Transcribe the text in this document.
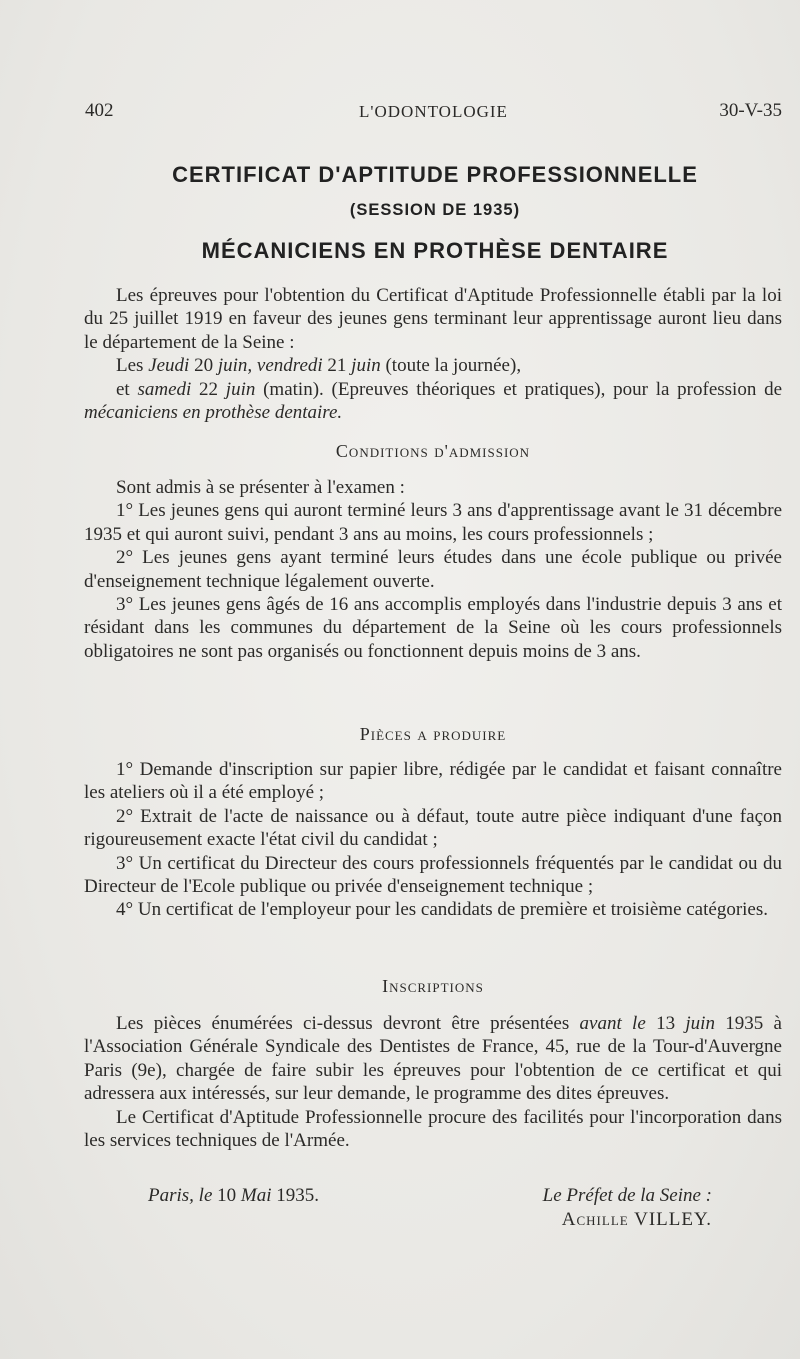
402	L'ODONTOLOGIE	30-V-35
CERTIFICAT D'APTITUDE PROFESSIONNELLE
(SESSION DE 1935)
MÉCANICIENS EN PROTHÈSE DENTAIRE

Les épreuves pour l'obtention du Certificat d'Aptitude Professionnelle établi par la loi du 25 juillet 1919 en faveur des jeunes gens terminant leur apprentissage auront lieu dans le département de la Seine :

Les Jeudi 20 juin, vendredi 21 juin (toute la journée),

et samedi 22 juin (matin). (Epreuves théoriques et pratiques), pour la profession de mécaniciens en prothèse dentaire.

Conditions d'admission

Sont admis à se présenter à l'examen :

1° Les jeunes gens qui auront terminé leurs 3 ans d'apprentissage avant le 31 décembre 1935 et qui auront suivi, pendant 3 ans au moins, les cours professionnels ;

2° Les jeunes gens ayant terminé leurs études dans une école publique ou privée d'enseignement technique légalement ouverte.

3° Les jeunes gens âgés de 16 ans accomplis employés dans l'industrie depuis 3 ans et résidant dans les communes du département de la Seine où les cours professionnels obligatoires ne sont pas organisés ou fonctionnent depuis moins de 3 ans.

Pièces a produire

1° Demande d'inscription sur papier libre, rédigée par le candidat et faisant connaître les ateliers où il a été employé ;

2° Extrait de l'acte de naissance ou à défaut, toute autre pièce indiquant d'une façon rigoureusement exacte l'état civil du candidat ;

3° Un certificat du Directeur des cours professionnels fréquentés par le candidat ou du Directeur de l'Ecole publique ou privée d'enseignement technique ;

4° Un certificat de l'employeur pour les candidats de première et troisième catégories.

Inscriptions

Les pièces énumérées ci-dessus devront être présentées avant le 13 juin 1935 à l'Association Générale Syndicale des Dentistes de France, 45, rue de la Tour-d'Auvergne Paris (9e), chargée de faire subir les épreuves pour l'obtention de ce certificat et qui adressera aux intéressés, sur leur demande, le programme des dites épreuves.

Le Certificat d'Aptitude Professionnelle procure des facilités pour l'incorporation dans les services techniques de l'Armée.

Paris, le 10 Mai 1935.	Le Préfet de la Seine :
Achille VILLEY.
